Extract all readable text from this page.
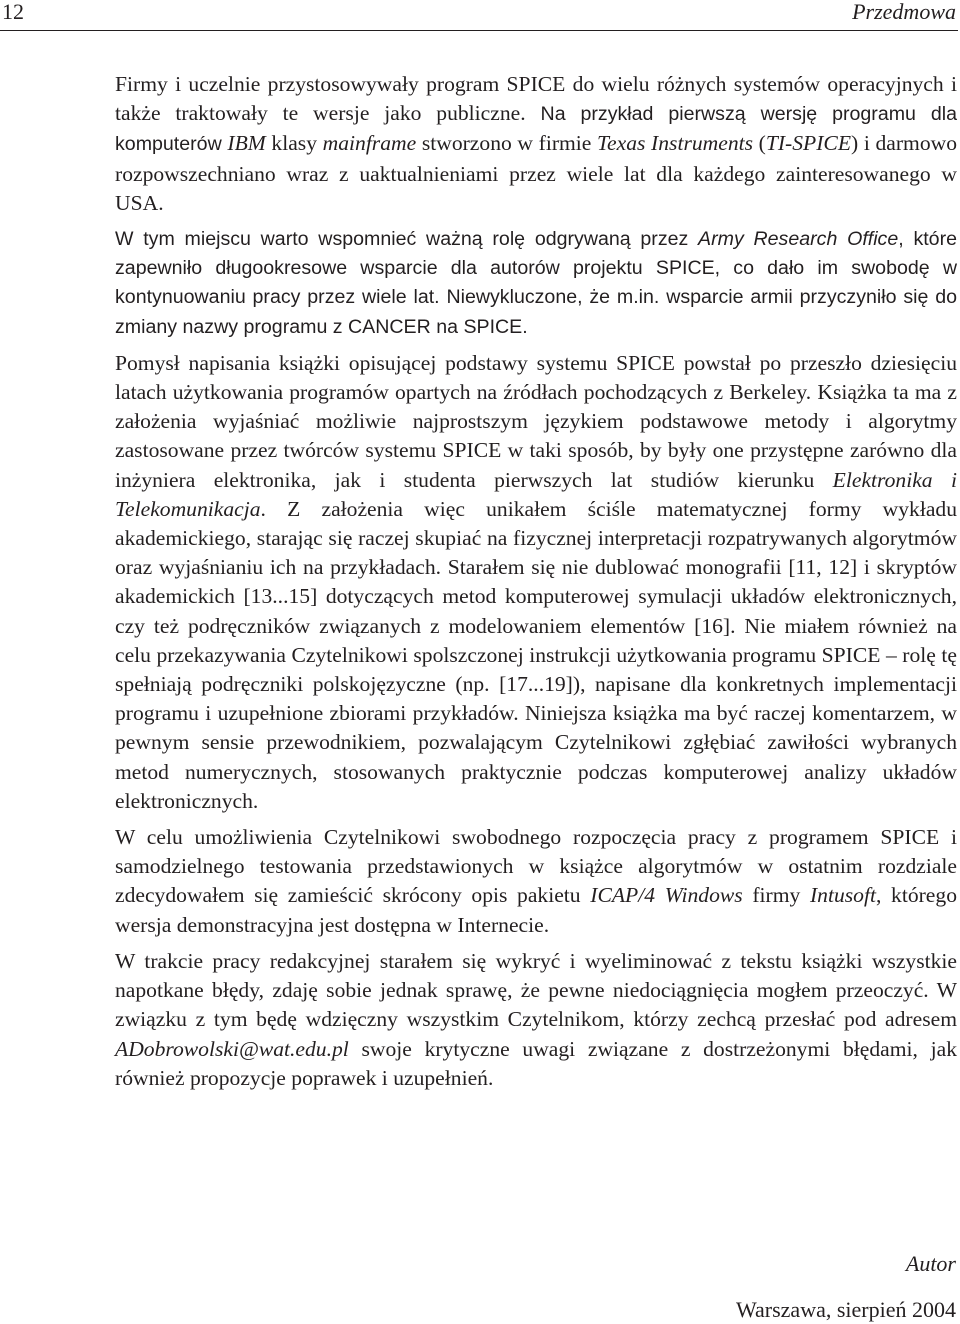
12	Przedmowa

Firmy i uczelnie przystosowywały program SPICE do wielu różnych systemów operacyjnych i także traktowały te wersje jako publiczne. Na przykład pierwszą wersję programu dla komputerów IBM klasy mainframe stworzono w firmie Texas Instruments (TI-SPICE) i darmowo rozpowszechniano wraz z uaktualnieniami przez wiele lat dla każdego zainteresowanego w USA.

W tym miejscu warto wspomnieć ważną rolę odgrywaną przez Army Research Office, które zapewniło długookresowe wsparcie dla autorów projektu SPICE, co dało im swobodę w kontynuowaniu pracy przez wiele lat. Niewykluczone, że m.in. wsparcie armii przyczyniło się do zmiany nazwy programu z CANCER na SPICE.

Pomysł napisania książki opisującej podstawy systemu SPICE powstał po przeszło dziesięciu latach użytkowania programów opartych na źródłach pochodzących z Berkeley. Książka ta ma z założenia wyjaśniać możliwie najprostszym językiem podstawowe metody i algorytmy zastosowane przez twórców systemu SPICE w taki sposób, by były one przystępne zarówno dla inżyniera elektronika, jak i studenta pierwszych lat studiów kierunku Elektronika i Telekomunikacja. Z założenia więc unikałem ściśle matematycznej formy wykładu akademickiego, starając się raczej skupiać na fizycznej interpretacji rozpatrywanych algorytmów oraz wyjaśnianiu ich na przykładach. Starałem się nie dublować monografii [11, 12] i skryptów akademickich [13...15] dotyczących metod komputerowej symulacji układów elektronicznych, czy też podręczników związanych z modelowaniem elementów [16]. Nie miałem również na celu przekazywania Czytelnikowi spolszczonej instrukcji użytkowania programu SPICE – rolę tę spełniają podręczniki polskojęzyczne (np. [17...19]), napisane dla konkretnych implementacji programu i uzupełnione zbiorami przykładów. Niniejsza książka ma być raczej komentarzem, w pewnym sensie przewodnikiem, pozwalającym Czytelnikowi zgłębiać zawiłości wybranych metod numerycznych, stosowanych praktycznie podczas komputerowej analizy układów elektronicznych.

W celu umożliwienia Czytelnikowi swobodnego rozpoczęcia pracy z programem SPICE i samodzielnego testowania przedstawionych w książce algorytmów w ostatnim rozdziale zdecydowałem się zamieścić skrócony opis pakietu ICAP/4 Windows firmy Intusoft, którego wersja demonstracyjna jest dostępna w Internecie.

W trakcie pracy redakcyjnej starałem się wykryć i wyeliminować z tekstu książki wszystkie napotkane błędy, zdaję sobie jednak sprawę, że pewne niedociągnięcia mogłem przeoczyć. W związku z tym będę wdzięczny wszystkim Czytelnikom, którzy zechcą przesłać pod adresem ADobrowolski@wat.edu.pl swoje krytyczne uwagi związane z dostrzeżonymi błędami, jak również propozycje poprawek i uzupełnień.

Autor
Warszawa, sierpień 2004
